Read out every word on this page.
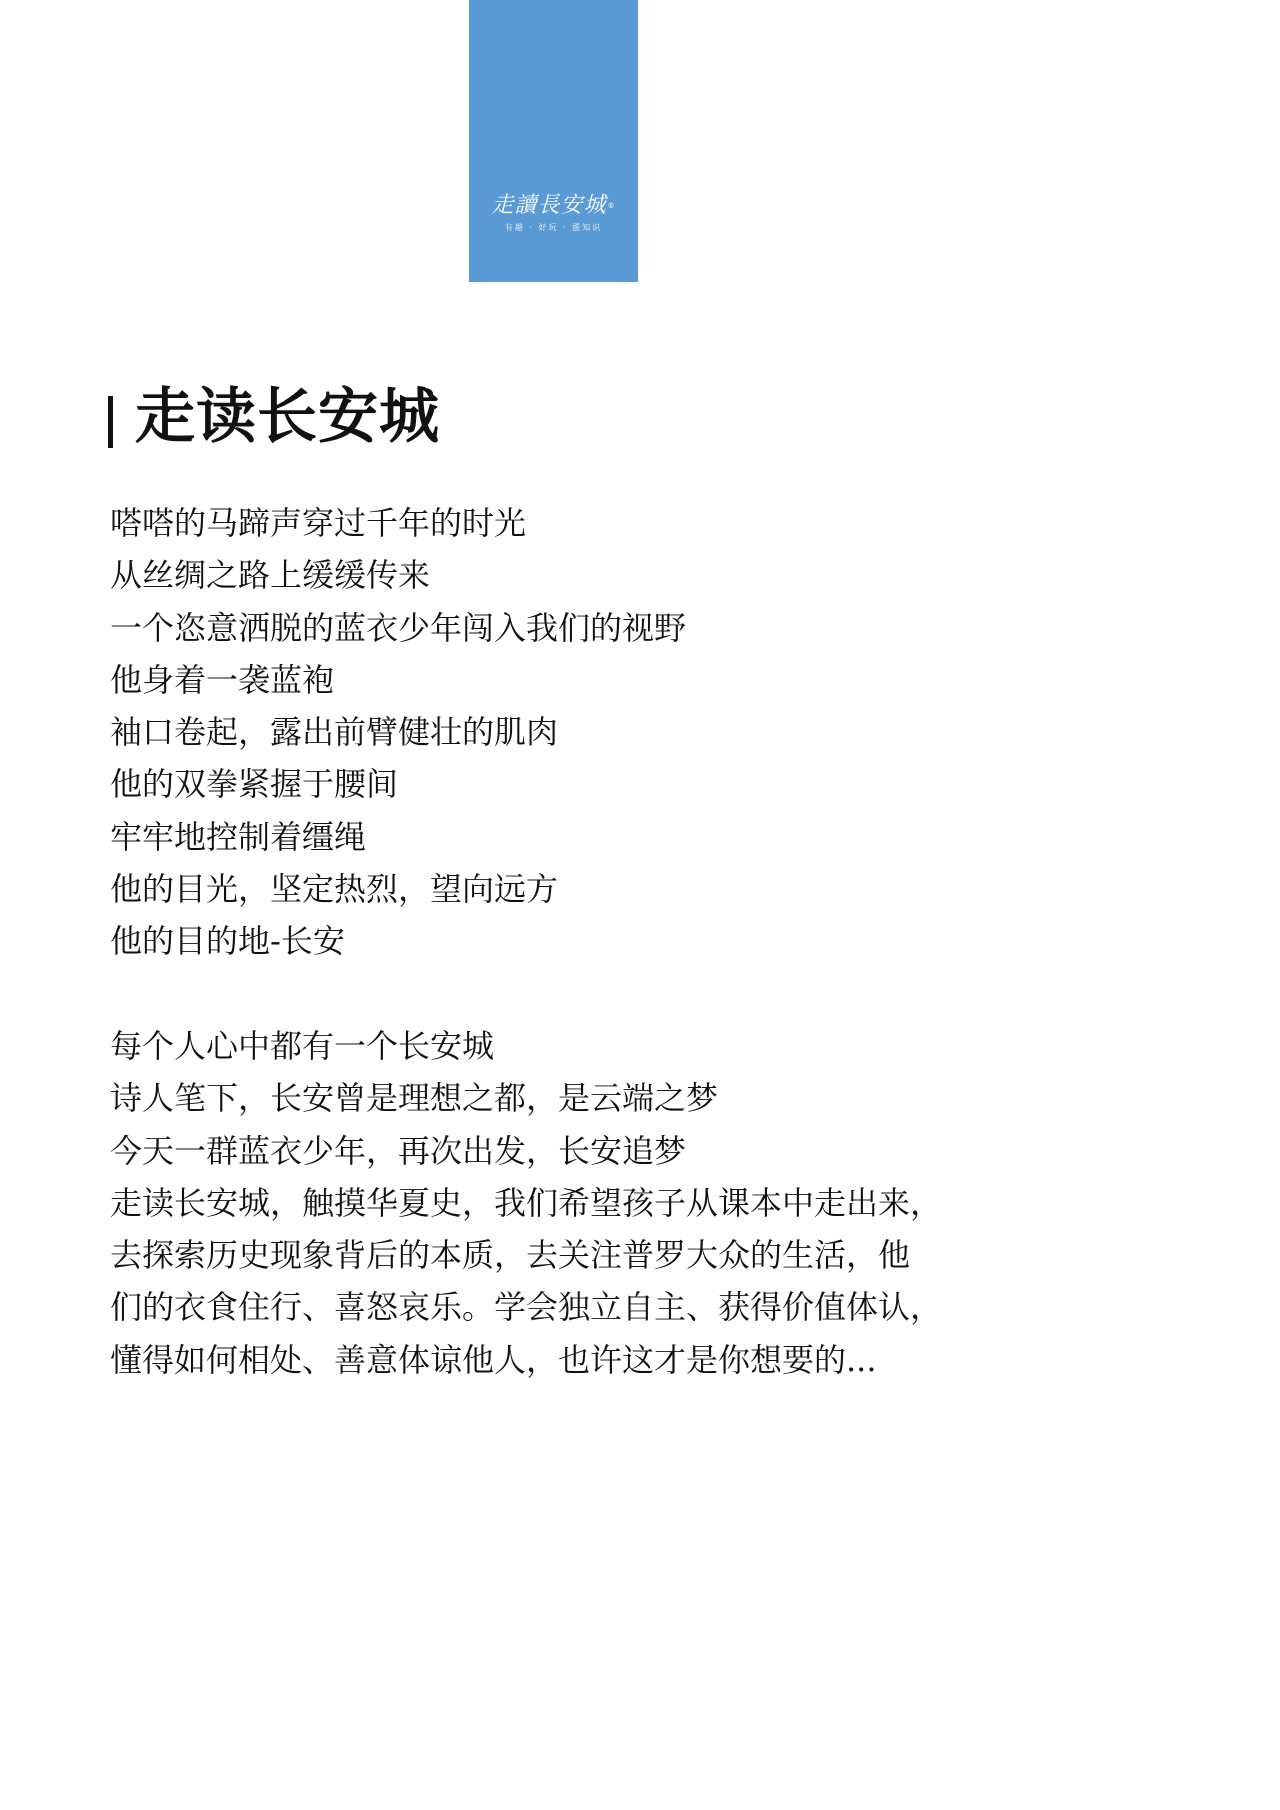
走讀長安城®
有趣 · 好玩 · 漲知识
走读长安城
嗒嗒的马蹄声穿过千年的时光
从丝绸之路上缓缓传来
一个恣意洒脱的蓝衣少年闯入我们的视野
他身着一袭蓝袍
袖口卷起，露出前臂健壮的肌肉
他的双拳紧握于腰间
牢牢地控制着缰绳
他的目光，坚定热烈，望向远方
他的目的地-长安
每个人心中都有一个长安城
诗人笔下，长安曾是理想之都，是云端之梦
今天一群蓝衣少年，再次出发，长安追梦
走读长安城，触摸华夏史，我们希望孩子从课本中走出来，
去探索历史现象背后的本质，去关注普罗大众的生活，他
们的衣食住行、喜怒哀乐。学会独立自主、获得价值体认，
懂得如何相处、善意体谅他人，也许这才是你想要的...
